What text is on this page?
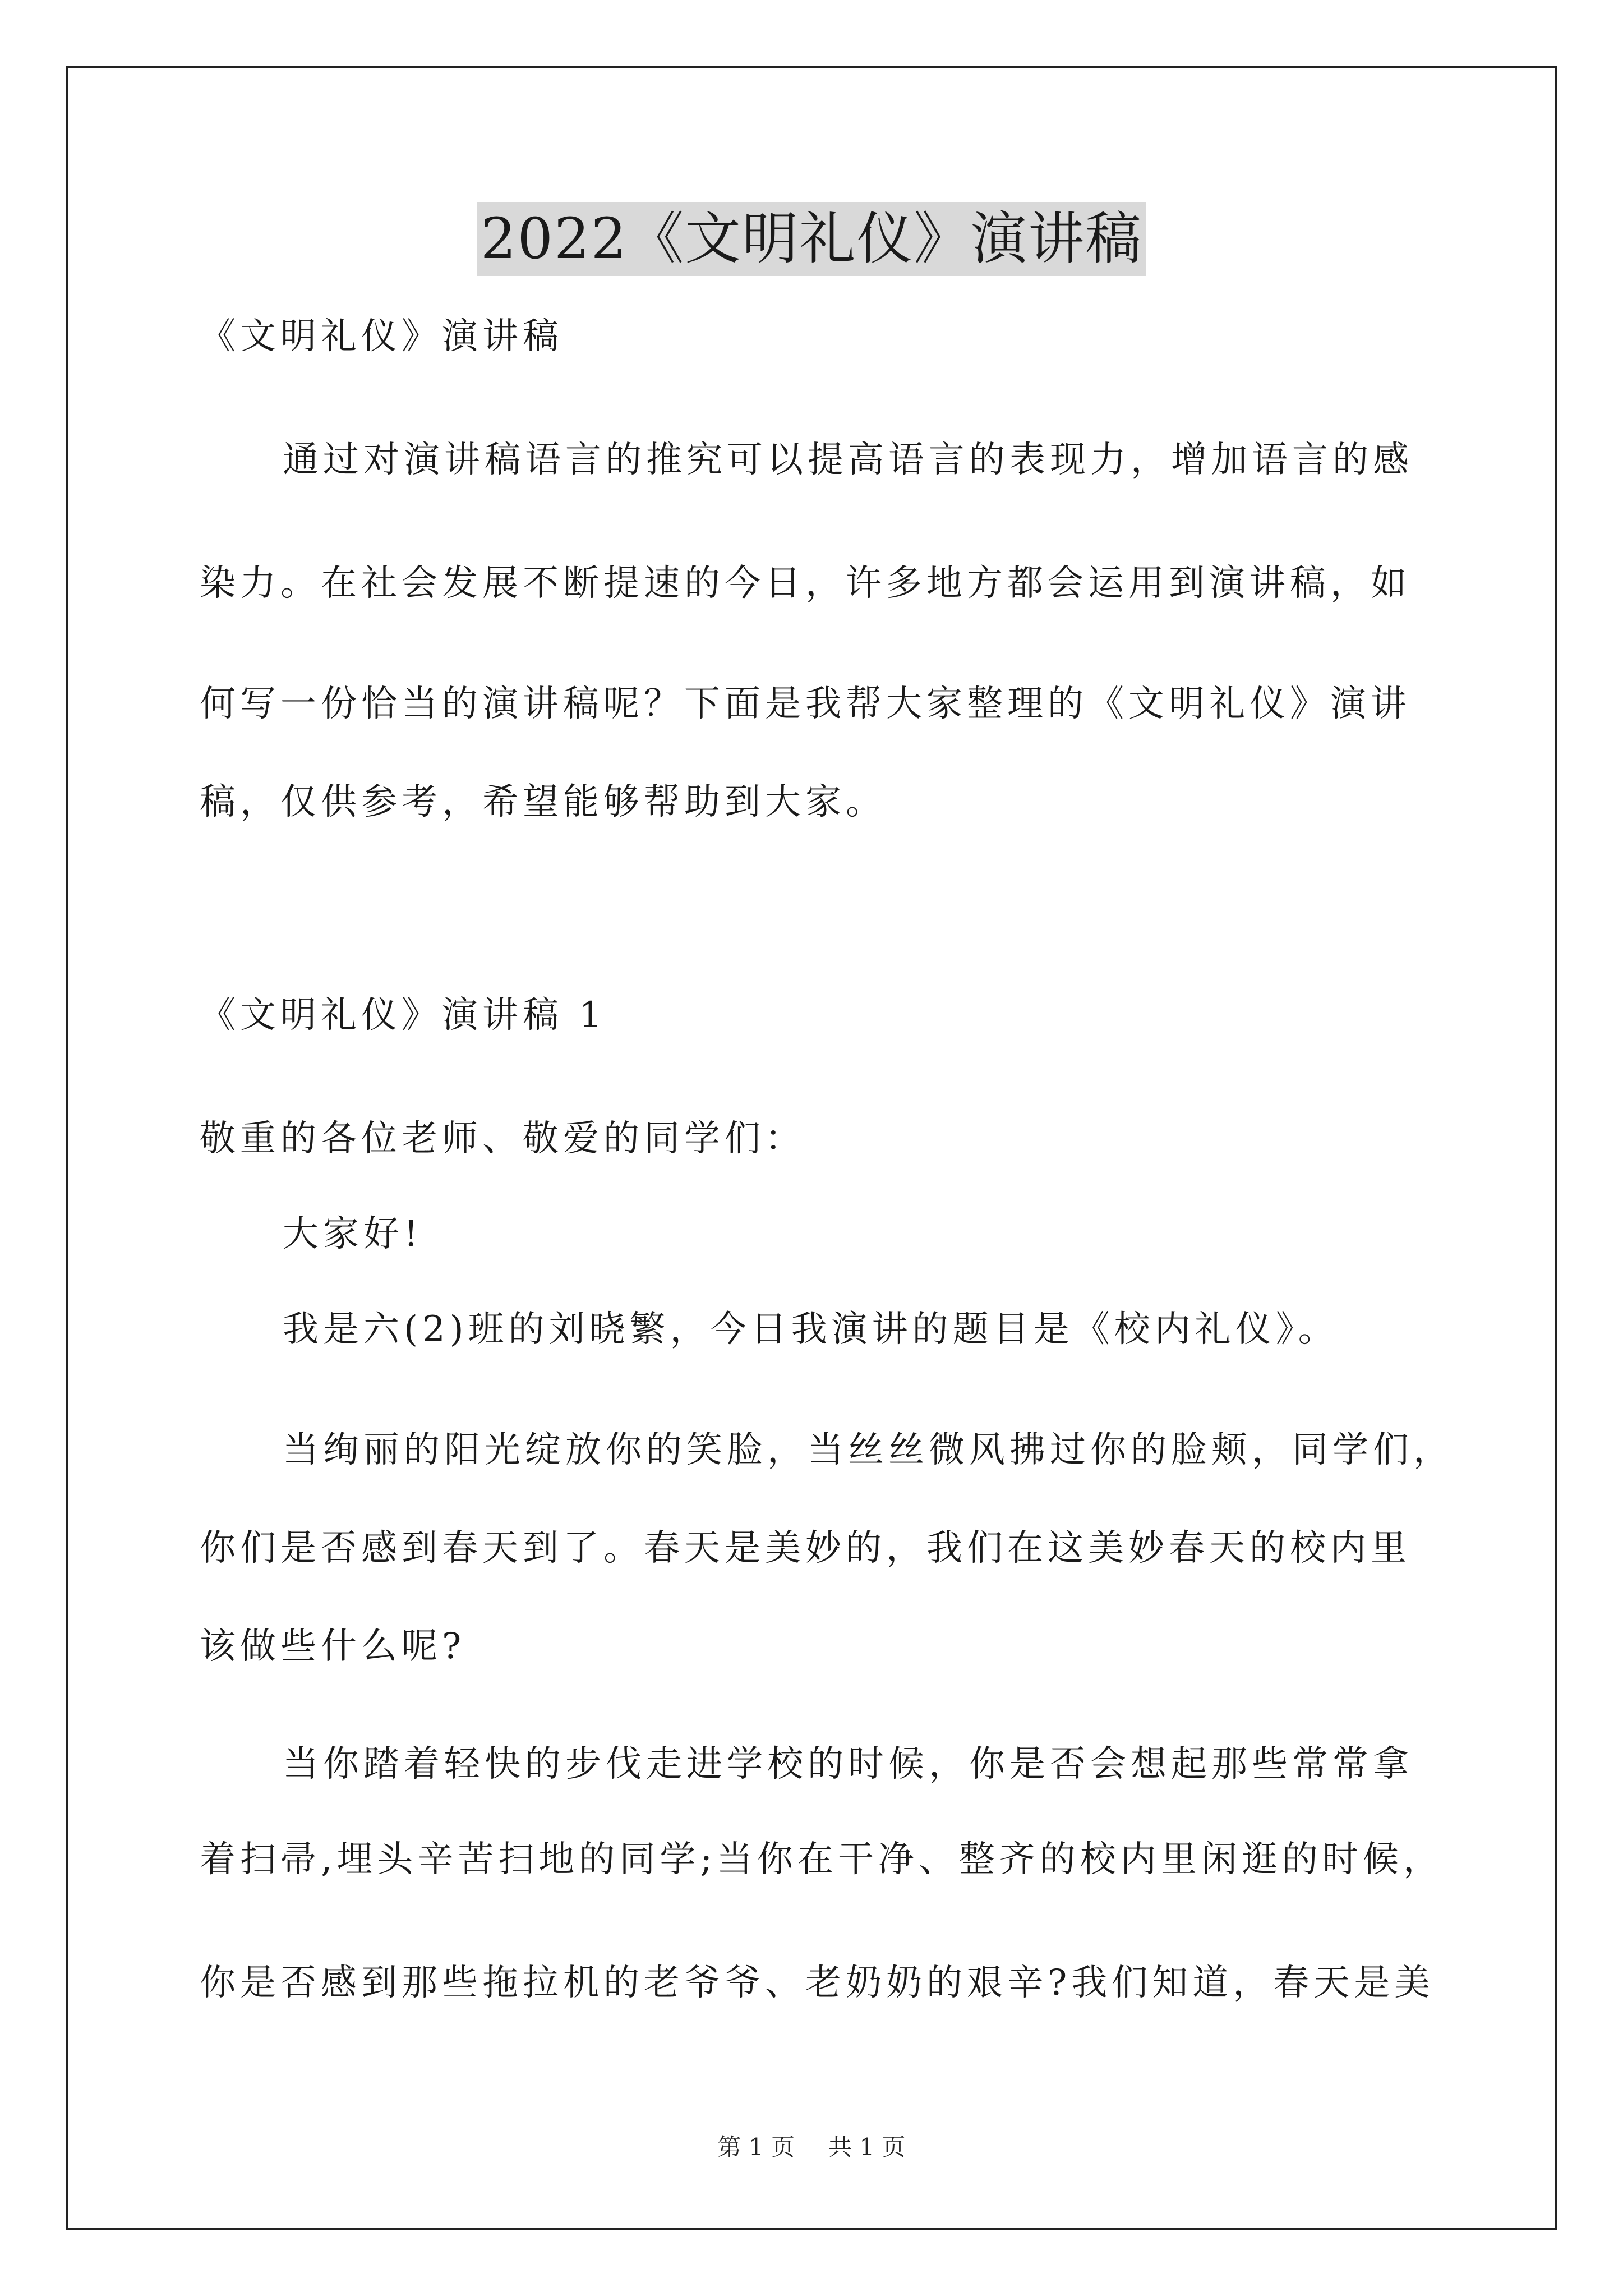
2022《文明礼仪》演讲稿
《文明礼仪》演讲稿
通过对演讲稿语言的推究可以提高语言的表现力，增加语言的感
染力。在社会发展不断提速的今日，许多地方都会运用到演讲稿，如
何写一份恰当的演讲稿呢？下面是我帮大家整理的《文明礼仪》演讲
稿，仅供参考，希望能够帮助到大家。
《文明礼仪》演讲稿 1
敬重的各位老师、敬爱的同学们：
大家好!
我是六(2)班的刘晓繁，今日我演讲的题目是《校内礼仪》。
当绚丽的阳光绽放你的笑脸，当丝丝微风拂过你的脸颊，同学们，
你们是否感到春天到了。春天是美妙的，我们在这美妙春天的校内里
该做些什么呢?
当你踏着轻快的步伐走进学校的时候，你是否会想起那些常常拿
着扫帚,埋头辛苦扫地的同学;当你在干净、整齐的校内里闲逛的时候，
你是否感到那些拖拉机的老爷爷、老奶奶的艰辛?我们知道，春天是美
第 1 页 共 1 页
